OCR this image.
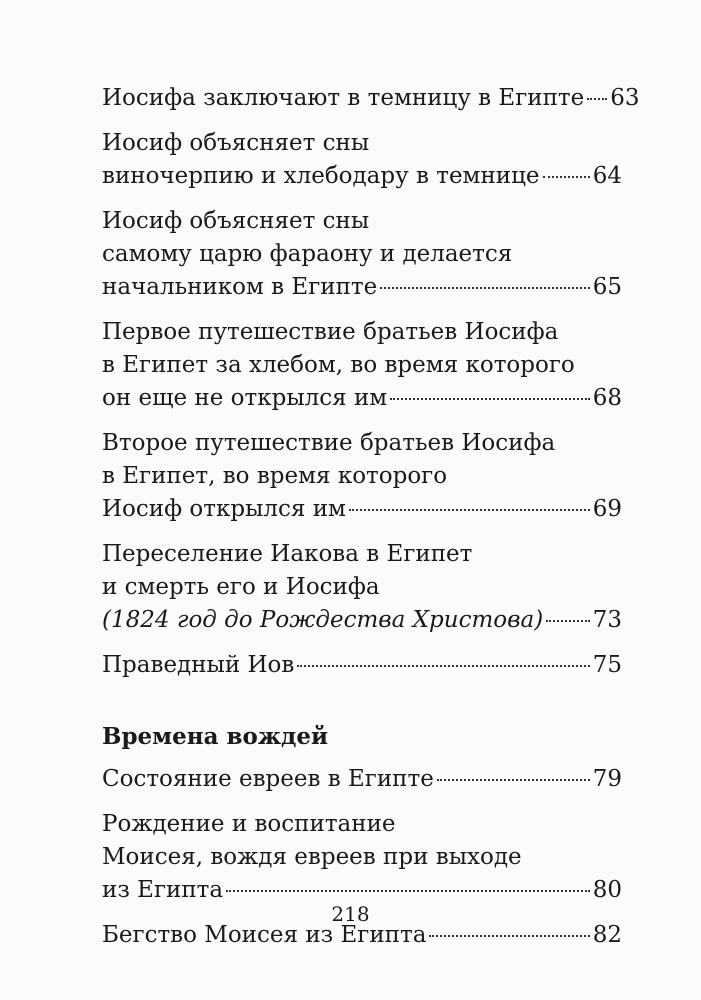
Иосифа заключают в темницу в Египте 63
Иосиф объясняет сны
виночерпию и хлебодару в темнице 64
Иосиф объясняет сны
самому царю фараону и делается
начальником в Египте	65
Первое путешествие братьев Иосифа
в Египет за хлебом, во время которого
он еще не открылся им	68
Второе путешествие братьев Иосифа
в Египет, во время которого
Иосиф открылся им	69
Переселение Иакова в Египет
и смерть его и Иосифа
(1824 год до Рождества Христова) 73
Праведный Иов	75
Времена вождей
Состояние евреев в Египте	79
Рождение и воспитание
Моисея, вождя евреев при выходе
из Египта	80
Бегство Моисея из Египта	82
218
